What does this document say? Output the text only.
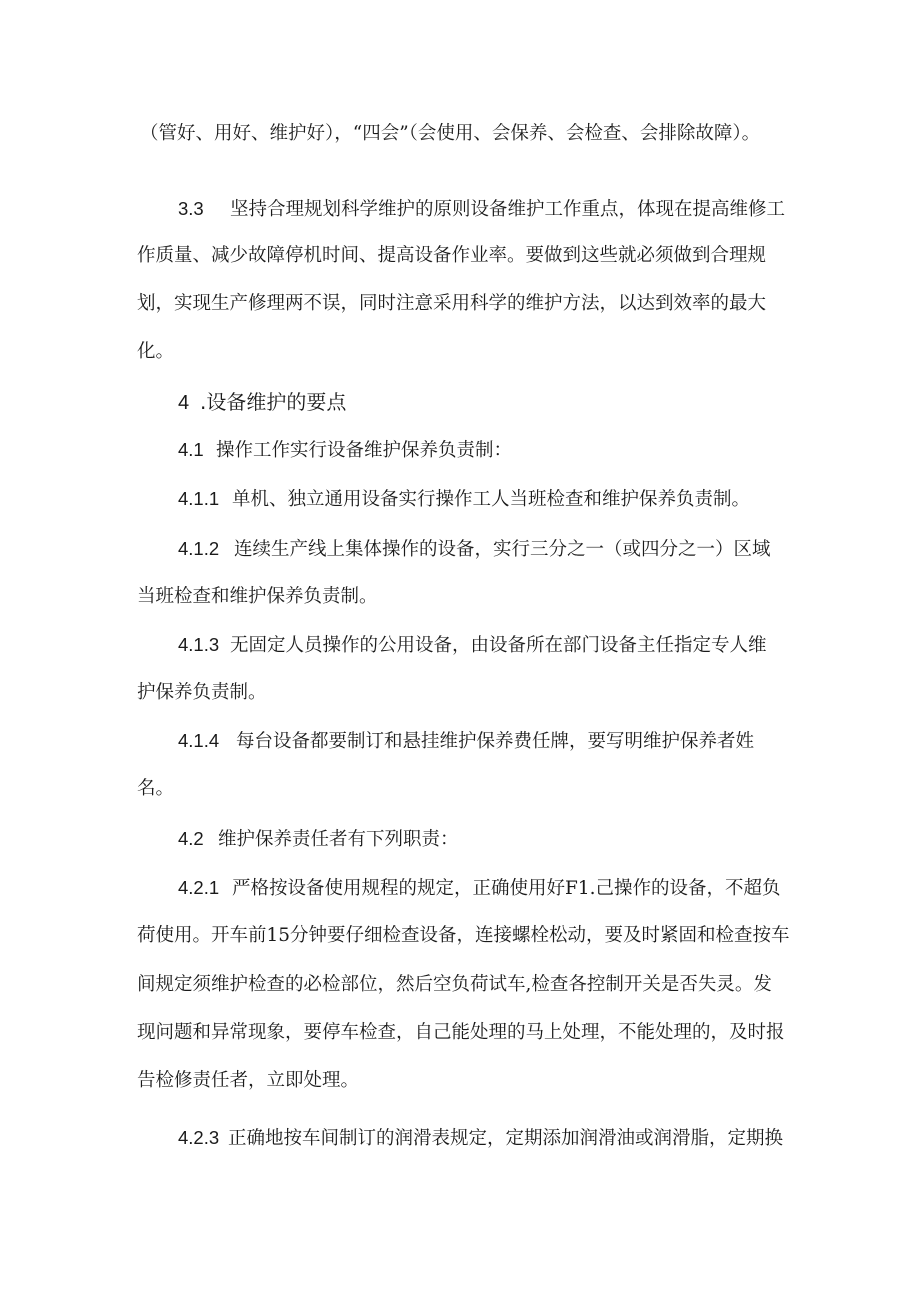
（管好、用好、维护好），“四会”（会使用、会保养、会检查、会排除故障）。
3.3 坚持合理规划科学维护的原则设备维护工作重点，体现在提高维修工
作质量、减少故障停机时间、提高设备作业率。要做到这些就必须做到合理规
划，实现生产修理两不误，同时注意采用科学的维护方法，以达到效率的最大
化。
4 .设备维护的要点
4.1 操作工作实行设备维护保养负责制：
4.1.1 单机、独立通用设备实行操作工人当班检查和维护保养负责制。
4.1.2 连续生产线上集体操作的设备，实行三分之一（或四分之一）区域
当班检查和维护保养负责制。
4.1.3 无固定人员操作的公用设备，由设备所在部门设备主任指定专人维
护保养负责制。
4.1.4 每台设备都要制订和悬挂维护保养费任牌，要写明维护保养者姓
名。
4.2 维护保养责任者有下列职责：
4.2.1 严格按设备使用规程的规定，正确使用好F1.己操作的设备，不超负
荷使用。开车前15分钟要仔细检查设备，连接螺栓松动，要及时紧固和检查按车
间规定须维护检查的必检部位，然后空负荷试车,检查各控制开关是否失灵。发
现问题和异常现象，要停车检查，自己能处理的马上处理，不能处理的，及时报
告检修责任者，立即处理。
4.2.3 正确地按车间制订的润滑表规定，定期添加润滑油或润滑脂，定期换
